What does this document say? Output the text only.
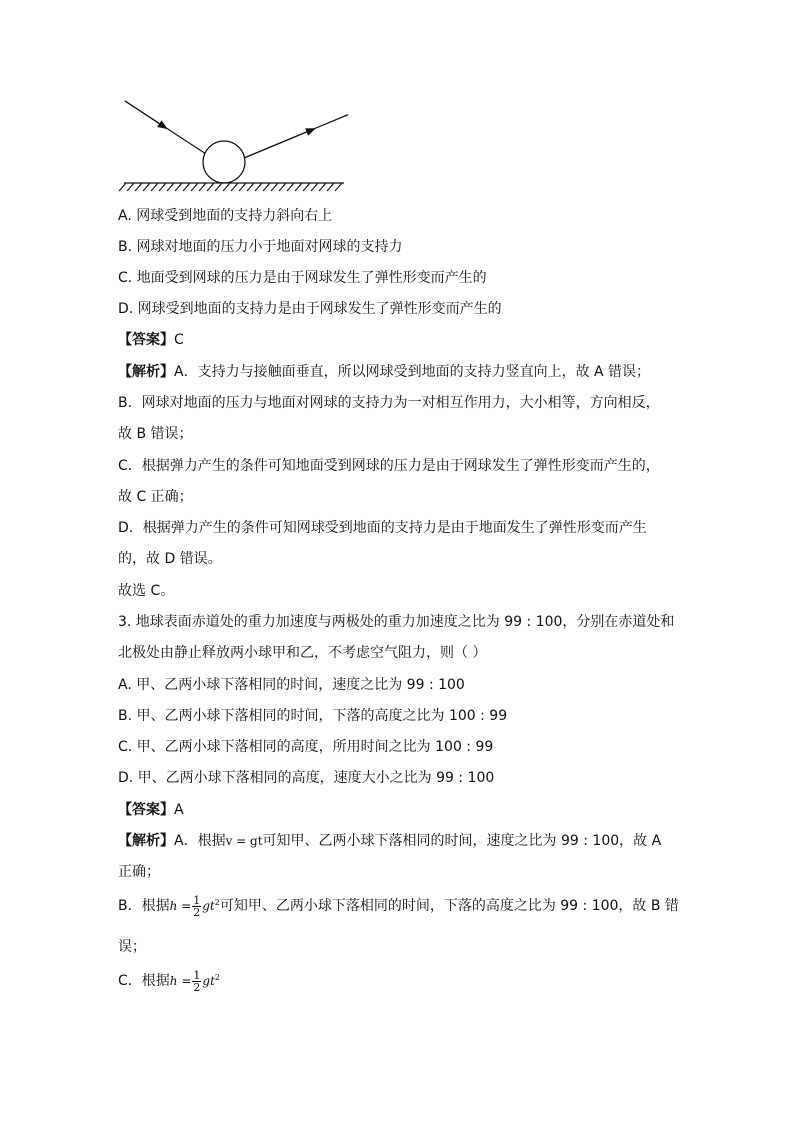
A. 网球受到地面的支持力斜向右上
B. 网球对地面的压力小于地面对网球的支持力
C. 地面受到网球的压力是由于网球发生了弹性形变而产生的
D. 网球受到地面的支持力是由于网球发生了弹性形变而产生的
【答案】C
【解析】A．支持力与接触面垂直，所以网球受到地面的支持力竖直向上，故 A 错误；
B．网球对地面的压力与地面对网球的支持力为一对相互作用力，大小相等，方向相反，
故 B 错误；
C．根据弹力产生的条件可知地面受到网球的压力是由于网球发生了弹性形变而产生的，
故 C 正确；
D．根据弹力产生的条件可知网球受到地面的支持力是由于地面发生了弹性形变而产生
的，故 D 错误。
故选 C。
3. 地球表面赤道处的重力加速度与两极处的重力加速度之比为 99 : 100，分别在赤道处和
北极处由静止释放两小球甲和乙，不考虑空气阻力，则（ ）
A. 甲、乙两小球下落相同的时间，速度之比为 99 : 100
B. 甲、乙两小球下落相同的时间，下落的高度之比为 100 : 99
C. 甲、乙两小球下落相同的高度，所用时间之比为 100 : 99
D. 甲、乙两小球下落相同的高度，速度大小之比为 99 : 100
【答案】A
【解析】A．根据v = gt可知甲、乙两小球下落相同的时间，速度之比为 99 : 100，故 A
正确；
B．根据$h = \frac{1}{2} gt^2$可知甲、乙两小球下落相同的时间，下落的高度之比为 99 : 100，故 B 错
误；
C．根据$h = \frac{1}{2} gt^2$
